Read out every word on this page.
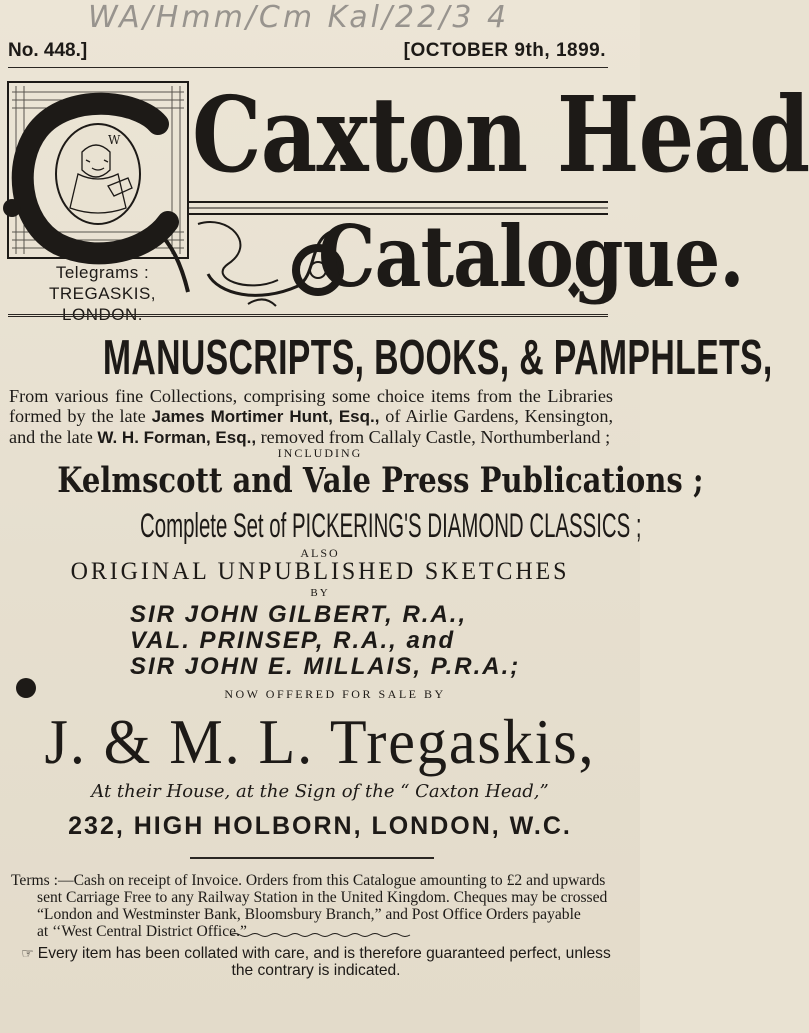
WA/Hmm/Cm Kal/22/3 4
No. 448.]	[OCTOBER 9th, 1899.
W Caxton Head
Catalogue.
Telegrams :
TREGASKIS, LONDON.
MANUSCRIPTS, BOOKS, & PAMPHLETS,
From various fine Collections, comprising some choice items from the Libraries formed by the late James Mortimer Hunt, Esq., of Airlie Gardens, Kensington, and the late W. H. Forman, Esq., removed from Callaly Castle, Northumberland ;
INCLUDING
Kelmscott and Vale Press Publications ;
Complete Set of PICKERING'S DIAMOND CLASSICS ;
ALSO
ORIGINAL UNPUBLISHED SKETCHES
BY
SIR JOHN GILBERT, R.A.,
VAL. PRINSEP, R.A., and
SIR JOHN E. MILLAIS, P.R.A.;
NOW OFFERED FOR SALE BY
J. & M. L. Tregaskis,
At their House, at the Sign of the “ Caxton Head,”
232, HIGH HOLBORN, LONDON, W.C.
Terms :—Cash on receipt of Invoice. Orders from this Catalogue amounting to £2 and upwards
sent Carriage Free to any Railway Station in the United Kingdom. Cheques may be crossed
“London and Westminster Bank, Bloomsbury Branch,” and Post Office Orders payable
at ‘‘West Central District Office.”
☞ Every item has been collated with care, and is therefore guaranteed perfect, unless
the contrary is indicated.
